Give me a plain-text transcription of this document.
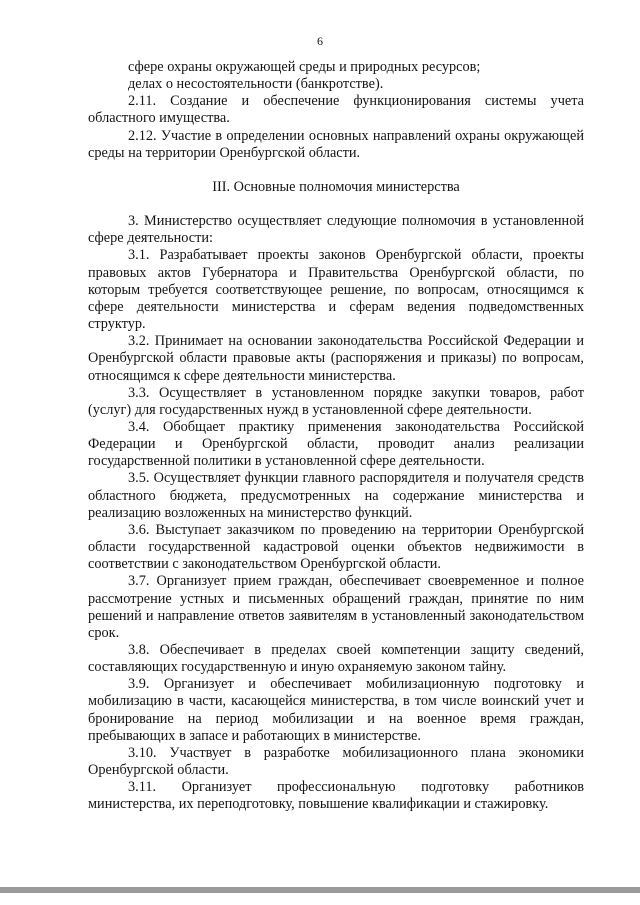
6

сфере охраны окружающей среды и природных ресурсов;

делах о несостоятельности (банкротстве).

2.11. Создание и обеспечение функционирования системы учета областного имущества.

2.12. Участие в определении основных направлений охраны окружающей среды на территории Оренбургской области.

III. Основные полномочия министерства

3. Министерство осуществляет следующие полномочия в установленной сфере деятельности:

3.1. Разрабатывает проекты законов Оренбургской области, проекты правовых актов Губернатора и Правительства Оренбургской области, по которым требуется соответствующее решение, по вопросам, относящимся к сфере деятельности министерства и сферам ведения подведомственных структур.

3.2. Принимает на основании законодательства Российской Федерации и Оренбургской области правовые акты (распоряжения и приказы) по вопросам, относящимся к сфере деятельности министерства.

3.3. Осуществляет в установленном порядке закупки товаров, работ (услуг) для государственных нужд в установленной сфере деятельности.

3.4. Обобщает практику применения законодательства Российской Федерации и Оренбургской области, проводит анализ реализации государственной политики в установленной сфере деятельности.

3.5. Осуществляет функции главного распорядителя и получателя средств областного бюджета, предусмотренных на содержание министерства и реализацию возложенных на министерство функций.

3.6. Выступает заказчиком по проведению на территории Оренбургской области государственной кадастровой оценки объектов недвижимости в соответствии с законодательством Оренбургской области.

3.7. Организует прием граждан, обеспечивает своевременное и полное рассмотрение устных и письменных обращений граждан, принятие по ним решений и направление ответов заявителям в установленный законодательством срок.

3.8. Обеспечивает в пределах своей компетенции защиту сведений, составляющих государственную и иную охраняемую законом тайну.

3.9. Организует и обеспечивает мобилизационную подготовку и мобилизацию в части, касающейся министерства, в том числе воинский учет и бронирование на период мобилизации и на военное время граждан, пребывающих в запасе и работающих в министерстве.

3.10. Участвует в разработке мобилизационного плана экономики Оренбургской области.

3.11. Организует профессиональную подготовку работников министерства, их переподготовку, повышение квалификации и стажировку.
